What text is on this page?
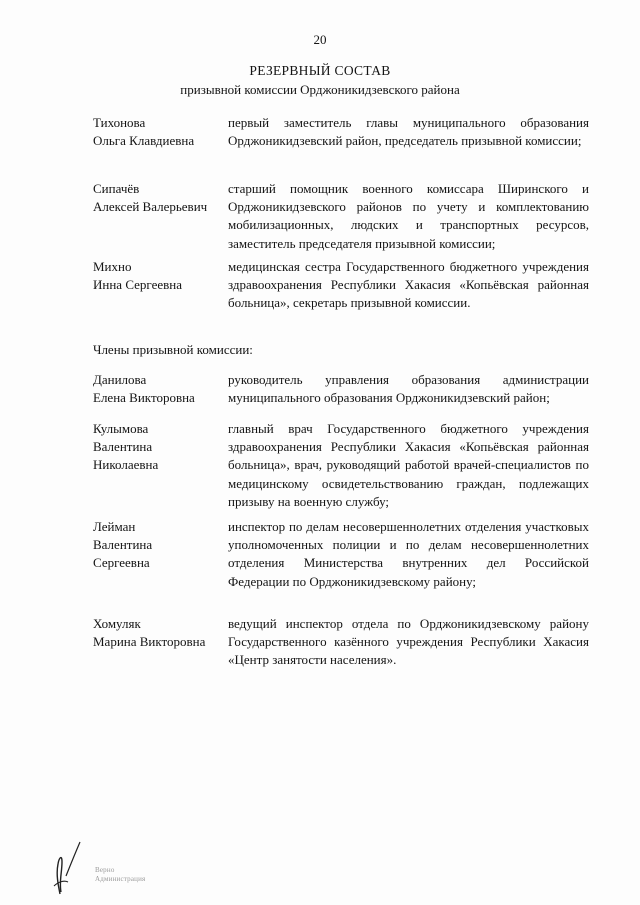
20
РЕЗЕРВНЫЙ СОСТАВ
призывной комиссии Орджоникидзевского района
Тихонова
Ольга Клавдиевна
первый заместитель главы муниципального образования Орджоникидзевский район, председатель призывной комиссии;
Сипачёв
Алексей Валерьевич
старший помощник военного комиссара Ширинского и Орджоникидзевского районов по учету и комплектованию мобилизационных, людских и транспортных ресурсов, заместитель председателя призывной комиссии;
Михно
Инна Сергеевна
медицинская сестра Государственного бюджетного учреждения здравоохранения Республики Хакасия «Копьёвская районная больница», секретарь призывной комиссии.
Члены призывной комиссии:
Данилова
Елена Викторовна
руководитель управления образования администрации муниципального образования Орджоникидзевский район;
Кулымова
Валентина
Николаевна
главный врач Государственного бюджетного учреждения здравоохранения Республики Хакасия «Копьёвская районная больница», врач, руководящий работой врачей-специалистов по медицинскому освидетельствованию граждан, подлежащих призыву на военную службу;
Лейман
Валентина
Сергеевна
инспектор по делам несовершеннолетних отделения участковых уполномоченных полиции и по делам несовершеннолетних отделения Министерства внутренних дел Российской Федерации по Орджоникидзевскому району;
Хомуляк
Марина Викторовна
ведущий инспектор отдела по Орджоникидзевскому району Государственного казённого учреждения Республики Хакасия «Центр занятости населения».
Верно
Администрация
